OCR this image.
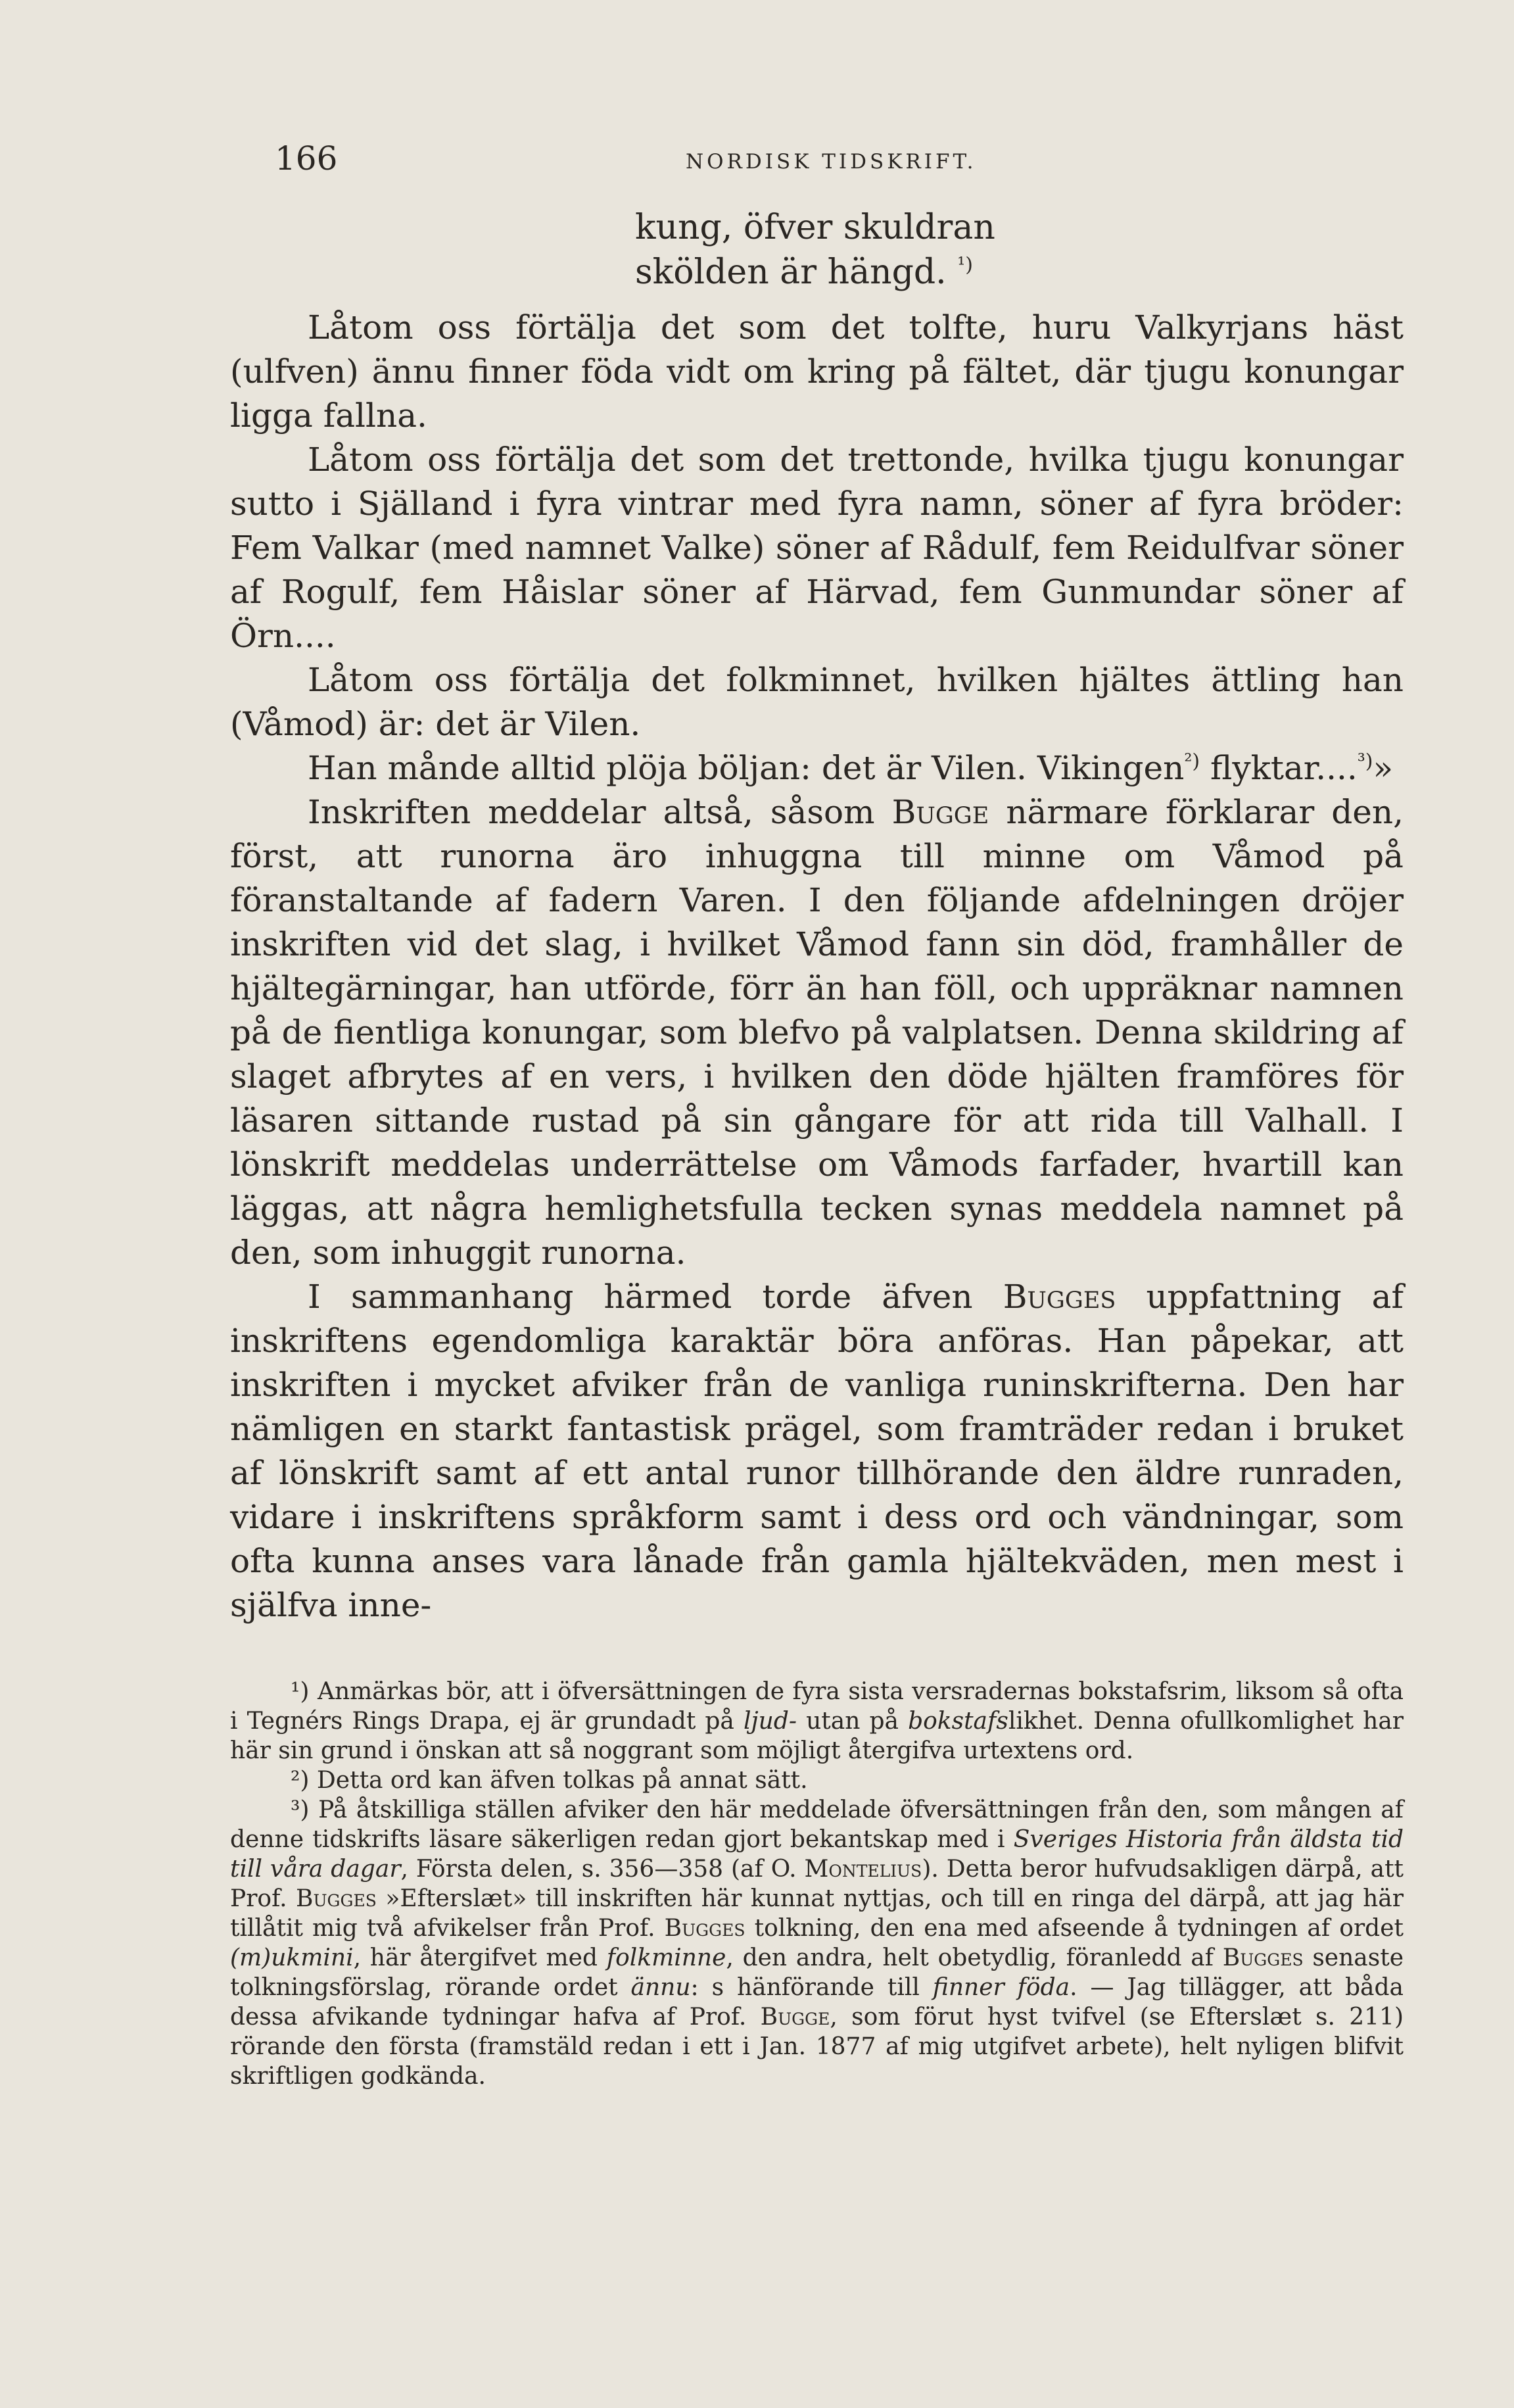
166	NORDISK TIDSKRIFT.
kung, öfver skuldran
skölden är hängd. $^{^1)}$

Låtom oss förtälja det som det tolfte, huru Valkyrjans häst (ulfven) ännu finner föda vidt om kring på fältet, där tjugu konungar ligga fallna.

Låtom oss förtälja det som det trettonde, hvilka tjugu konungar sutto i Själland i fyra vintrar med fyra namn, söner af fyra bröder: Fem Valkar (med namnet Valke) söner af Rådulf, fem Reidulfvar söner af Rogulf, fem Håislar söner af Härvad, fem Gunmundar söner af Örn....

Låtom oss förtälja det folkminnet, hvilken hjältes ättling han (Våmod) är: det är Vilen.

Han månde alltid plöja böljan: det är Vilen. Vikingen$^{^2)}$ flyktar....$^{^3)}$»

Inskriften meddelar altså, såsom Bugge närmare förklarar den, först, att runorna äro inhuggna till minne om Våmod på föranstaltande af fadern Varen. I den följande afdelningen dröjer inskriften vid det slag, i hvilket Våmod fann sin död, framhåller de hjältegärningar, han utförde, förr än han föll, och uppräknar namnen på de fientliga konungar, som blefvo på valplatsen. Denna skildring af slaget afbrytes af en vers, i hvilken den döde hjälten framföres för läsaren sittande rustad på sin gångare för att rida till Valhall. I lönskrift meddelas underrättelse om Våmods farfader, hvartill kan läggas, att några hemlighetsfulla tecken synas meddela namnet på den, som inhuggit runorna.

I sammanhang härmed torde äfven Bugges uppfattning af inskriftens egendomliga karaktär böra anföras. Han påpekar, att inskriften i mycket afviker från de vanliga runinskrifterna. Den har nämligen en starkt fantastisk prägel, som framträder redan i bruket af lönskrift samt af ett antal runor tillhörande den äldre runraden, vidare i inskriftens språkform samt i dess ord och vändningar, som ofta kunna anses vara lånade från gamla hjältekväden, men mest i själfva inne-

¹) Anmärkas bör, att i öfversättningen de fyra sista versradernas bokstafsrim, liksom så ofta i Tegnérs Rings Drapa, ej är grundadt på ljud- utan på bokstafslikhet. Denna ofullkomlighet har här sin grund i önskan att så noggrant som möjligt återgifva urtextens ord.

²) Detta ord kan äfven tolkas på annat sätt.

³) På åtskilliga ställen afviker den här meddelade öfversättningen från den, som mången af denne tidskrifts läsare säkerligen redan gjort bekantskap med i Sveriges Historia från äldsta tid till våra dagar, Första delen, s. 356—358 (af O. Montelius). Detta beror hufvudsakligen därpå, att Prof. Bugges »Efterslæt» till inskriften här kunnat nyttjas, och till en ringa del därpå, att jag här tillåtit mig två afvikelser från Prof. Bugges tolkning, den ena med afseende å tydningen af ordet (m)ukmini, här återgifvet med folkminne, den andra, helt obetydlig, föranledd af Bugges senaste tolkningsförslag, rörande ordet ännu: s hänförande till finner föda. — Jag tillägger, att båda dessa afvikande tydningar hafva af Prof. Bugge, som förut hyst tvifvel (se Efterslæt s. 211) rörande den första (framstäld redan i ett i Jan. 1877 af mig utgifvet arbete), helt nyligen blifvit skriftligen godkända.
